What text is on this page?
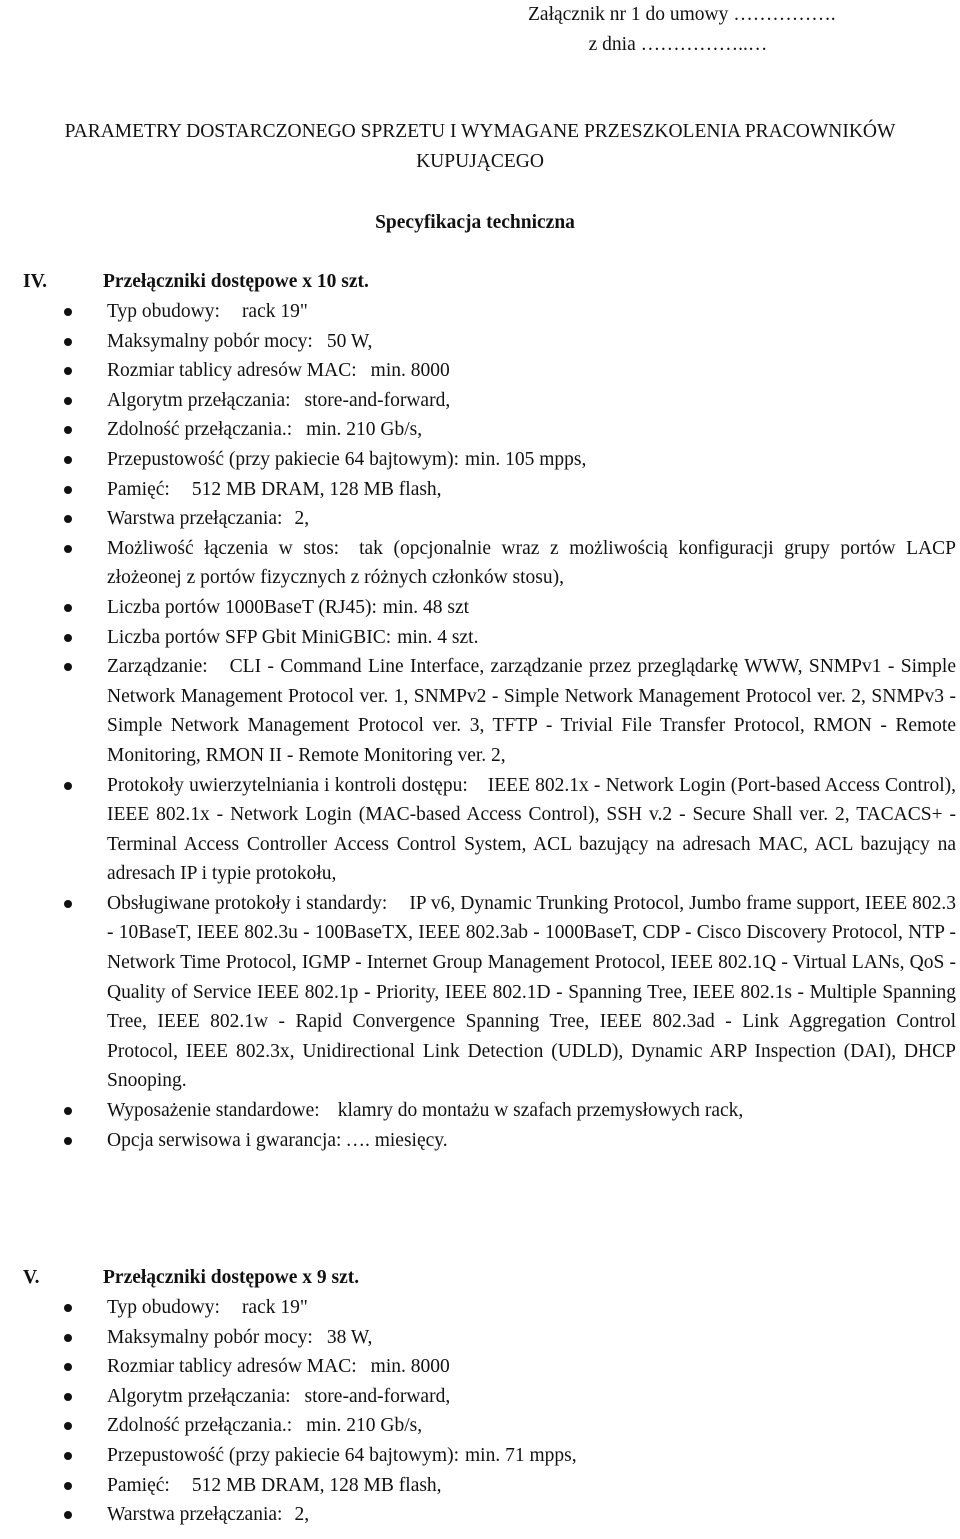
Załącznik nr 1 do umowy …………….
z dnia ……………..…
PARAMETRY DOSTARCZONEGO SPRZETU I WYMAGANE PRZESZKOLENIA PRACOWNIKÓW
KUPUJĄCEGO
Specyfikacja techniczna
IV.	Przełączniki dostępowe x 10 szt.
Typ obudowy: rack 19"
Maksymalny pobór mocy: 50 W,
Rozmiar tablicy adresów MAC: min. 8000
Algorytm przełączania: store-and-forward,
Zdolność przełączania.: min. 210 Gb/s,
Przepustowość (przy pakiecie 64 bajtowym): min. 105 mpps,
Pamięć: 512 MB DRAM, 128 MB flash,
Warstwa przełączania: 2,
Możliwość łączenia w stos: tak (opcjonalnie wraz z możliwością konfiguracji grupy portów LACP złożeonej z portów fizycznych z różnych członków stosu),
Liczba portów 1000BaseT (RJ45): min. 48 szt
Liczba portów SFP Gbit MiniGBIC: min. 4 szt.
Zarządzanie: CLI - Command Line Interface, zarządzanie przez przeglądarkę WWW, SNMPv1 - Simple Network Management Protocol ver. 1, SNMPv2 - Simple Network Management Protocol ver. 2, SNMPv3 - Simple Network Management Protocol ver. 3, TFTP - Trivial File Transfer Protocol, RMON - Remote Monitoring, RMON II - Remote Monitoring ver. 2,
Protokoły uwierzytelniania i kontroli dostępu: IEEE 802.1x - Network Login (Port-based Access Control), IEEE 802.1x - Network Login (MAC-based Access Control), SSH v.2 - Secure Shall ver. 2, TACACS+ - Terminal Access Controller Access Control System, ACL bazujący na adresach MAC, ACL bazujący na adresach IP i typie protokołu,
Obsługiwane protokoły i standardy: IP v6, Dynamic Trunking Protocol, Jumbo frame support, IEEE 802.3 - 10BaseT, IEEE 802.3u - 100BaseTX, IEEE 802.3ab - 1000BaseT, CDP - Cisco Discovery Protocol, NTP - Network Time Protocol, IGMP - Internet Group Management Protocol, IEEE 802.1Q - Virtual LANs, QoS - Quality of Service IEEE 802.1p - Priority, IEEE 802.1D - Spanning Tree, IEEE 802.1s - Multiple Spanning Tree, IEEE 802.1w - Rapid Convergence Spanning Tree, IEEE 802.3ad - Link Aggregation Control Protocol, IEEE 802.3x, Unidirectional Link Detection (UDLD), Dynamic ARP Inspection (DAI), DHCP Snooping.
Wyposażenie standardowe: klamry do montażu w szafach przemysłowych rack,
Opcja serwisowa i gwarancja: …. miesięcy.
V.	Przełączniki dostępowe x 9 szt.
Typ obudowy: rack 19"
Maksymalny pobór mocy: 38 W,
Rozmiar tablicy adresów MAC: min. 8000
Algorytm przełączania: store-and-forward,
Zdolność przełączania.: min. 210 Gb/s,
Przepustowość (przy pakiecie 64 bajtowym): min. 71 mpps,
Pamięć: 512 MB DRAM, 128 MB flash,
Warstwa przełączania: 2,
